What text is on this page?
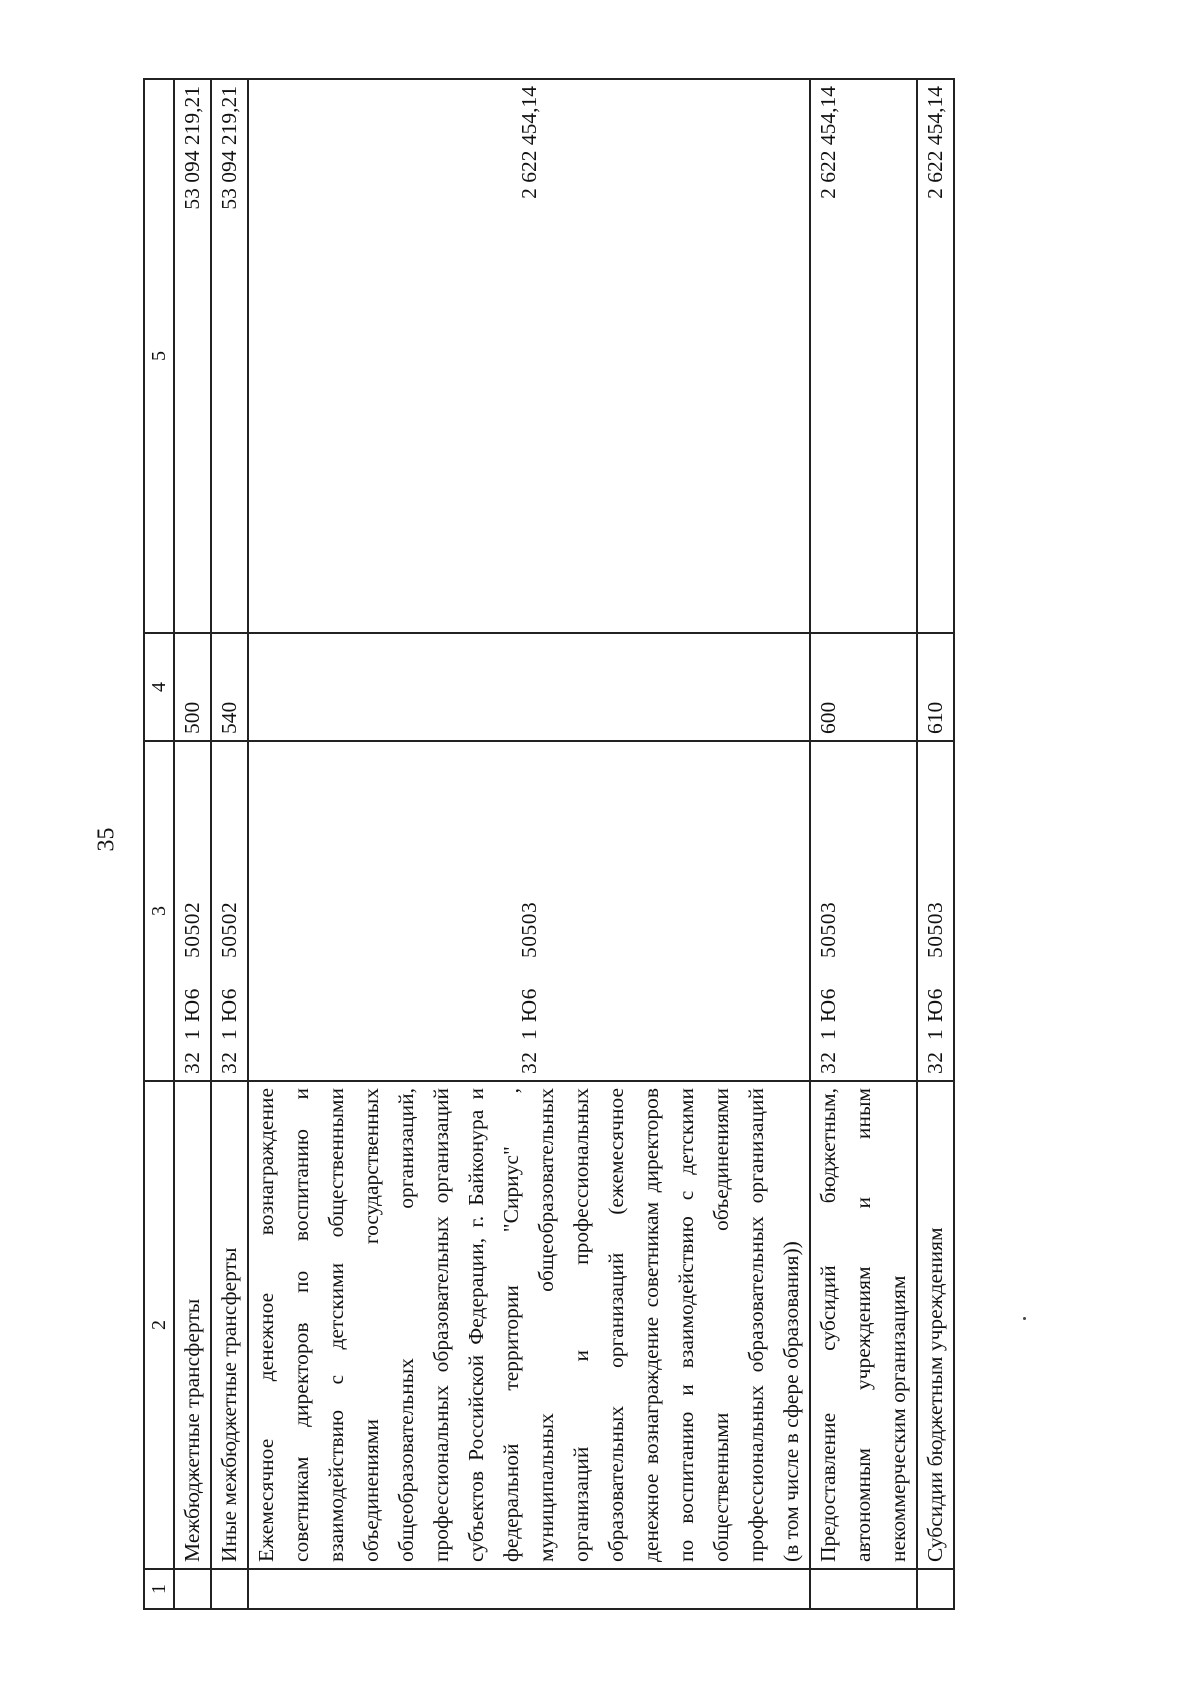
35
1	2	3	4	5
	Межбюджетные трансферты	321Ю650502	500	53 094 219,21
	Иные межбюджетные трансферты	321Ю650502	540	53 094 219,21
	Ежемесячное денежное вознаграждение советникам директоров по воспитанию и взаимодействию с детскими общественными объединениями государственных общеобразовательных организаций, профессиональных образовательных организаций субъектов Российской Федерации, г. Байконура и федеральной территории "Сириус" , муниципальных общеобразовательных организаций и профессиональных образовательных организаций (ежемесячное денежное вознаграждение советникам директоров по воспитанию и взаимодействию с детскими общественными объединениями профессиональных образовательных организаций (в том числе в сфере образования))	321Ю650503		2 622 454,14
	Предоставление субсидий бюджетным, автономным учреждениям и иным некоммерческим организациям	321Ю650503	600	2 622 454,14
	Субсидии бюджетным учреждениям	321Ю650503	610	2 622 454,14
